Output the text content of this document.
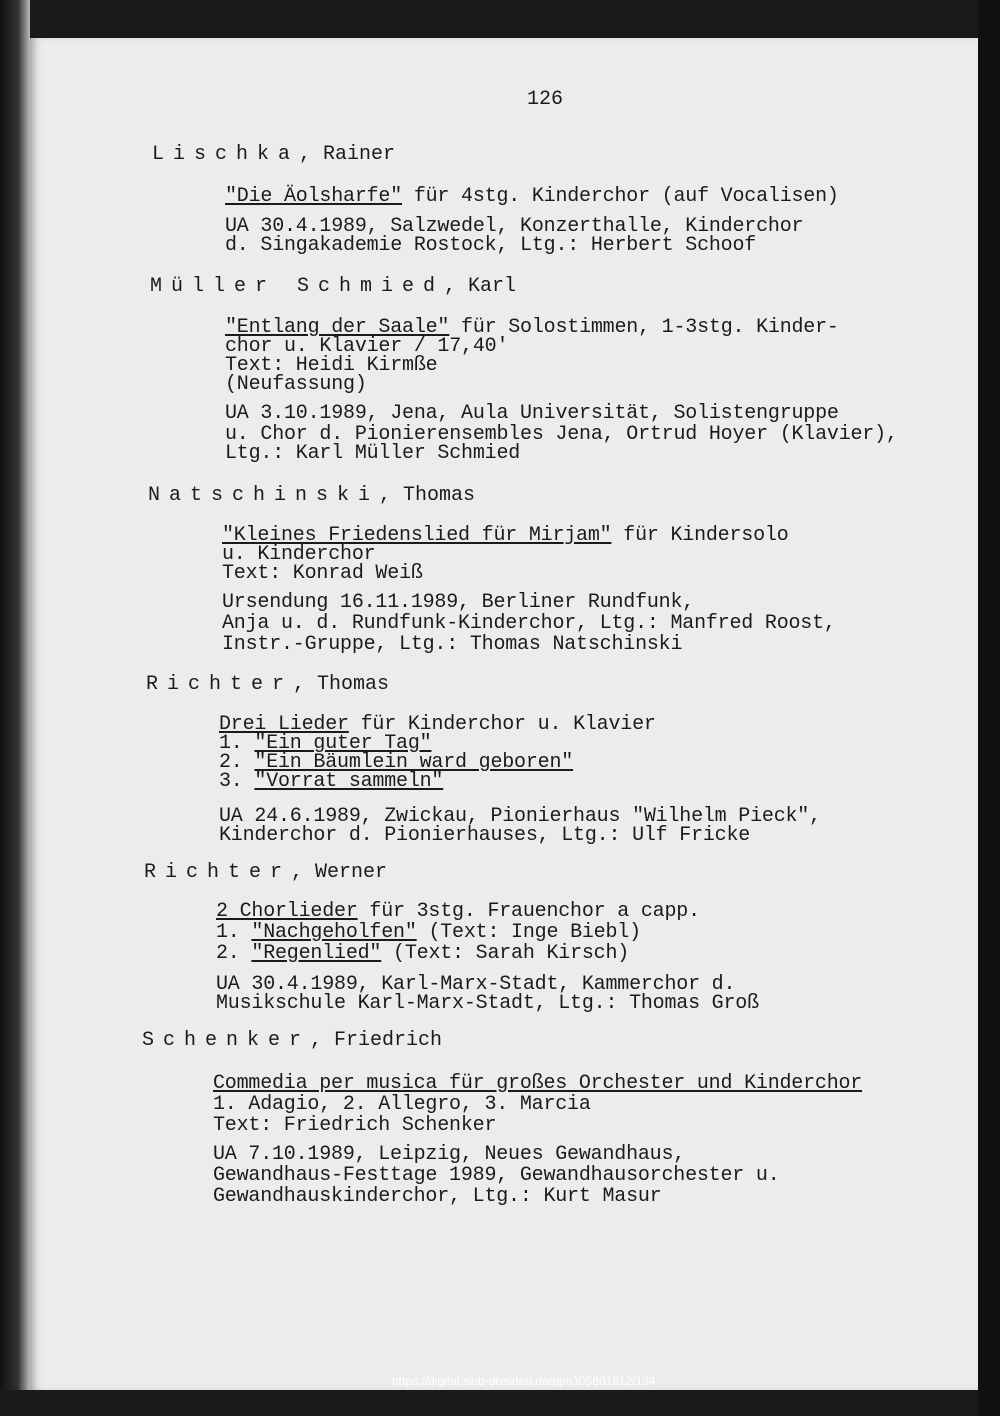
126
https://digital.slub-dresden.de/ppn305801612/134
Lischka, Rainer
"Die Äolsharfe" für 4stg. Kinderchor (auf Vocalisen)
UA 30.4.1989, Salzwedel, Konzerthalle, Kinderchor
d. Singakademie Rostock, Ltg.: Herbert Schoof
Müller Schmied, Karl
"Entlang der Saale" für Solostimmen, 1-3stg. Kinder-
chor u. Klavier / 17,40'
Text: Heidi Kirmße
(Neufassung)
UA 3.10.1989, Jena, Aula Universität, Solistengruppe
u. Chor d. Pionierensembles Jena, Ortrud Hoyer (Klavier),
Ltg.: Karl Müller Schmied
Natschinski, Thomas
"Kleines Friedenslied für Mirjam" für Kindersolo
u. Kinderchor
Text: Konrad Weiß
Ursendung 16.11.1989, Berliner Rundfunk,
Anja u. d. Rundfunk-Kinderchor, Ltg.: Manfred Roost,
Instr.-Gruppe, Ltg.: Thomas Natschinski
Richter, Thomas
Drei Lieder für Kinderchor u. Klavier
1. "Ein guter Tag"
2. "Ein Bäumlein ward geboren"
3. "Vorrat sammeln"
UA 24.6.1989, Zwickau, Pionierhaus "Wilhelm Pieck",
Kinderchor d. Pionierhauses, Ltg.: Ulf Fricke
Richter, Werner
2 Chorlieder für 3stg. Frauenchor a capp.
1. "Nachgeholfen" (Text: Inge Biebl)
2. "Regenlied" (Text: Sarah Kirsch)
UA 30.4.1989, Karl-Marx-Stadt, Kammerchor d.
Musikschule Karl-Marx-Stadt, Ltg.: Thomas Groß
Schenker, Friedrich
Commedia per musica für großes Orchester und Kinderchor
1. Adagio, 2. Allegro, 3. Marcia
Text: Friedrich Schenker
UA 7.10.1989, Leipzig, Neues Gewandhaus,
Gewandhaus-Festtage 1989, Gewandhausorchester u.
Gewandhauskinderchor, Ltg.: Kurt Masur
